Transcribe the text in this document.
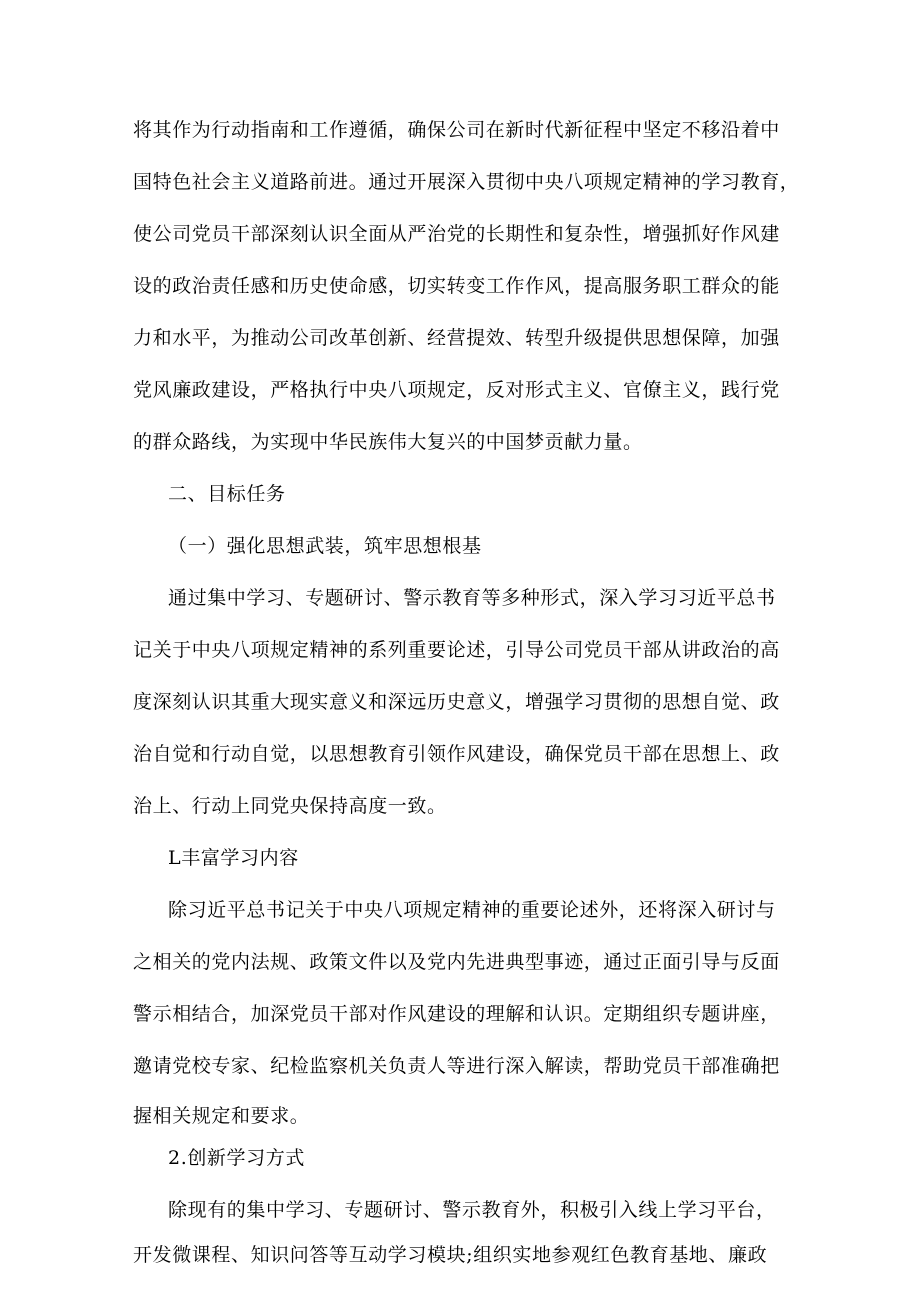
将其作为行动指南和工作遵循，确保公司在新时代新征程中坚定不移沿着中

国特色社会主义道路前进。通过开展深入贯彻中央八项规定精神的学习教育，

使公司党员干部深刻认识全面从严治党的长期性和复杂性，增强抓好作风建

设的政治责任感和历史使命感，切实转变工作作风，提高服务职工群众的能

力和水平，为推动公司改革创新、经营提效、转型升级提供思想保障，加强

党风廉政建设，严格执行中央八项规定，反对形式主义、官僚主义，践行党

的群众路线，为实现中华民族伟大复兴的中国梦贡献力量。

二、目标任务

（一）强化思想武装，筑牢思想根基

通过集中学习、专题研讨、警示教育等多种形式，深入学习习近平总书

记关于中央八项规定精神的系列重要论述，引导公司党员干部从讲政治的高

度深刻认识其重大现实意义和深远历史意义，增强学习贯彻的思想自觉、政

治自觉和行动自觉，以思想教育引领作风建设，确保党员干部在思想上、政

治上、行动上同党央保持高度一致。

L丰富学习内容

除习近平总书记关于中央八项规定精神的重要论述外，还将深入研讨与

之相关的党内法规、政策文件以及党内先进典型事迹，通过正面引导与反面

警示相结合，加深党员干部对作风建设的理解和认识。定期组织专题讲座，

邀请党校专家、纪检监察机关负责人等进行深入解读，帮助党员干部准确把

握相关规定和要求。

2.创新学习方式

除现有的集中学习、专题研讨、警示教育外，积极引入线上学习平台，

开发微课程、知识问答等互动学习模块;组织实地参观红色教育基地、廉政
